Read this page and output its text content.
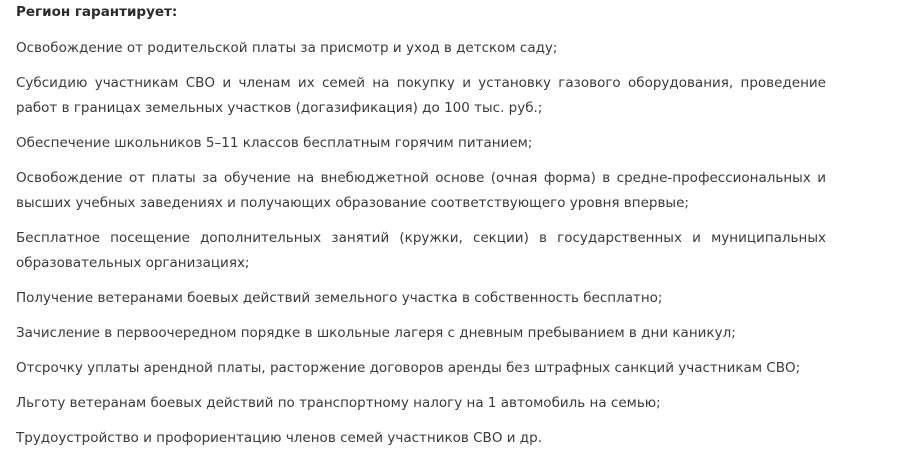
Регион гарантирует:

Освобождение от родительской платы за присмотр и уход в детском саду;
Субсидию участникам СВО и членам их семей на покупку и установку газового оборудования, проведение работ в границах земельных участков (догазификация) до 100 тыс. руб.;
Обеспечение школьников 5–11 классов бесплатным горячим питанием;
Освобождение от платы за обучение на внебюджетной основе (очная форма) в средне-профессиональных и высших учебных заведениях и получающих образование соответствующего уровня впервые;
Бесплатное посещение дополнительных занятий (кружки, секции) в государственных и муниципальных образовательных организациях;
Получение ветеранами боевых действий земельного участка в собственность бесплатно;
Зачисление в первоочередном порядке в школьные лагеря с дневным пребыванием в дни каникул;
Отсрочку уплаты арендной платы, расторжение договоров аренды без штрафных санкций участникам СВО;
Льготу ветеранам боевых действий по транспортному налогу на 1 автомобиль на семью;
Трудоустройство и профориентацию членов семей участников СВО и др.
